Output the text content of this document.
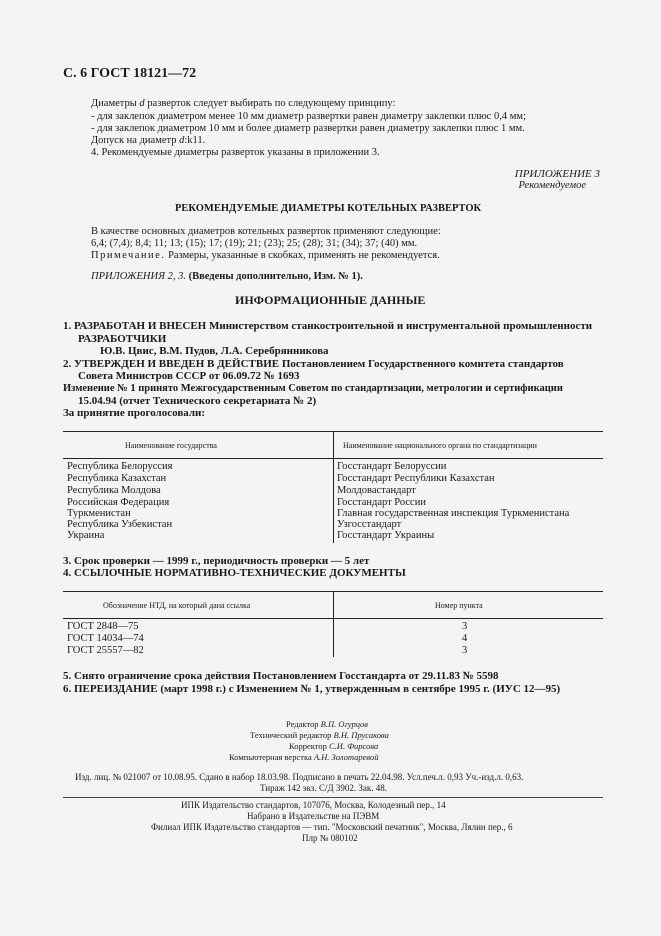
С. 6 ГОСТ 18121—72
Диаметры d разверток следует выбирать по следующему принципу:
- для заклепок диаметром менее 10 мм диаметр развертки равен диаметру заклепки плюс 0,4 мм;
- для заклепок диаметром 10 мм и более диаметр развертки равен диаметру заклепки плюс 1 мм.
Допуск на диаметр d:k11.
4. Рекомендуемые диаметры разверток указаны в приложении 3.
ПРИЛОЖЕНИЕ 3
Рекомендуемое
РЕКОМЕНДУЕМЫЕ ДИАМЕТРЫ КОТЕЛЬНЫХ РАЗВЕРТОК
В качестве основных диаметров котельных разверток применяют следующие:
6,4; (7,4); 8,4; 11; 13; (15); 17; (19); 21; (23); 25; (28); 31; (34); 37; (40) мм.
Примечание. Размеры, указанные в скобках, применять не рекомендуется.
ПРИЛОЖЕНИЯ 2, 3. (Введены дополнительно, Изм. № 1).
ИНФОРМАЦИОННЫЕ ДАННЫЕ
1. РАЗРАБОТАН И ВНЕСЕН Министерством станкостроительной и инструментальной промышленности
РАЗРАБОТЧИКИ
Ю.В. Цвис, В.М. Пудов, Л.А. Серебрянникова
2. УТВЕРЖДЕН И ВВЕДЕН В ДЕЙСТВИЕ Постановлением Государственного комитета стандартов
Совета Министров СССР от 06.09.72 № 1693
Изменение № 1 принято Межгосударственным Советом по стандартизации, метрологии и сертификации
15.04.94 (отчет Технического секретариата № 2)
За принятие проголосовали:
Наименование государства	Наименование национального органа по стандартизации
Республика Белоруссия	Госстандарт Белоруссии
Республика Казахстан	Госстандарт Республики Казахстан
Республика Молдова	Молдовастандарт
Российская Федерация	Госстандарт России
Туркменистан	Главная государственная инспекция Туркменистана
Республика Узбекистан	Узгосстандарт
Украина	Госстандарт Украины
3. Срок проверки — 1999 г., периодичность проверки — 5 лет
4. ССЫЛОЧНЫЕ НОРМАТИВНО-ТЕХНИЧЕСКИЕ ДОКУМЕНТЫ
Обозначение НТД, на который дана ссылка	Номер пункта
ГОСТ 2848—75	3
ГОСТ 14034—74	4
ГОСТ 25557—82	3
5. Снято ограничение срока действия Постановлением Госстандарта от 29.11.83 № 5598
6. ПЕРЕИЗДАНИЕ (март 1998 г.) с Изменением № 1, утвержденным в сентябре 1995 г. (ИУС 12—95)
Редактор В.П. Огурцов
Технический редактор В.Н. Прусакова
Корректор С.И. Фирсова
Компьютерная верстка А.Н. Золотаревой
Изд. лиц. № 021007 от 10.08.95. Сдано в набор 18.03.98. Подписано в печать 22.04.98. Усл.печ.л. 0,93 Уч.-изд.л. 0,63.
Тираж 142 экз. С/Д 3902. Зак. 48.
ИПК Издательство стандартов, 107076, Москва, Колодезный пер., 14
Набрано в Издательстве на ПЭВМ
Филиал ИПК Издательство стандартов — тип. "Московский печатник", Москва, Лялин пер., 6
Плр № 080102
